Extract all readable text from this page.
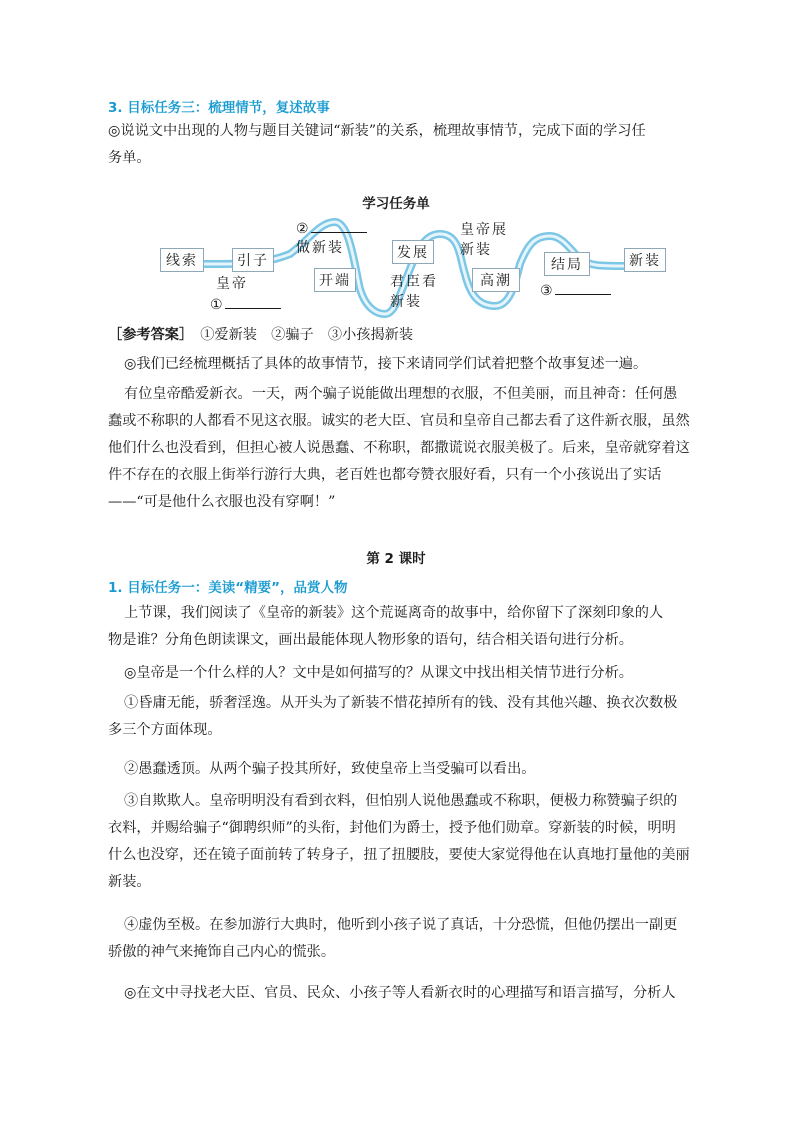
3. 目标任务三：梳理情节，复述故事
◎说说文中出现的人物与题目关键词“新装”的关系，梳理故事情节，完成下面的学习任
务单。
学习任务单
线索	引子
开端
发展
高潮
结局	新装
皇帝
①
②
做新装
君臣看
新装
皇帝展
新装
③
［参考答案］　①爱新装　②骗子　③小孩揭新装
◎我们已经梳理概括了具体的故事情节，接下来请同学们试着把整个故事复述一遍。
有位皇帝酷爱新衣。一天，两个骗子说能做出理想的衣服，不但美丽，而且神奇：任何愚
蠢或不称职的人都看不见这衣服。诚实的老大臣、官员和皇帝自己都去看了这件新衣服，虽然
他们什么也没看到，但担心被人说愚蠢、不称职，都撒谎说衣服美极了。后来，皇帝就穿着这
件不存在的衣服上街举行游行大典，老百姓也都夸赞衣服好看，只有一个小孩说出了实话
——“可是他什么衣服也没有穿啊！”
第 2 课时
1. 目标任务一：美读“精要”，品赏人物
上节课，我们阅读了《皇帝的新装》这个荒诞离奇的故事中，给你留下了深刻印象的人
物是谁？分角色朗读课文，画出最能体现人物形象的语句，结合相关语句进行分析。
◎皇帝是一个什么样的人？文中是如何描写的？从课文中找出相关情节进行分析。
①昏庸无能，骄奢淫逸。从开头为了新装不惜花掉所有的钱、没有其他兴趣、换衣次数极
多三个方面体现。
②愚蠢透顶。从两个骗子投其所好，致使皇帝上当受骗可以看出。
③自欺欺人。皇帝明明没有看到衣料，但怕别人说他愚蠢或不称职，便极力称赞骗子织的
衣料，并赐给骗子“御聘织师”的头衔，封他们为爵士，授予他们勋章。穿新装的时候，明明
什么也没穿，还在镜子面前转了转身子，扭了扭腰肢，要使大家觉得他在认真地打量他的美丽
新装。
④虚伪至极。在参加游行大典时，他听到小孩子说了真话，十分恐慌，但他仍摆出一副更
骄傲的神气来掩饰自己内心的慌张。
◎在文中寻找老大臣、官员、民众、小孩子等人看新衣时的心理描写和语言描写，分析人
